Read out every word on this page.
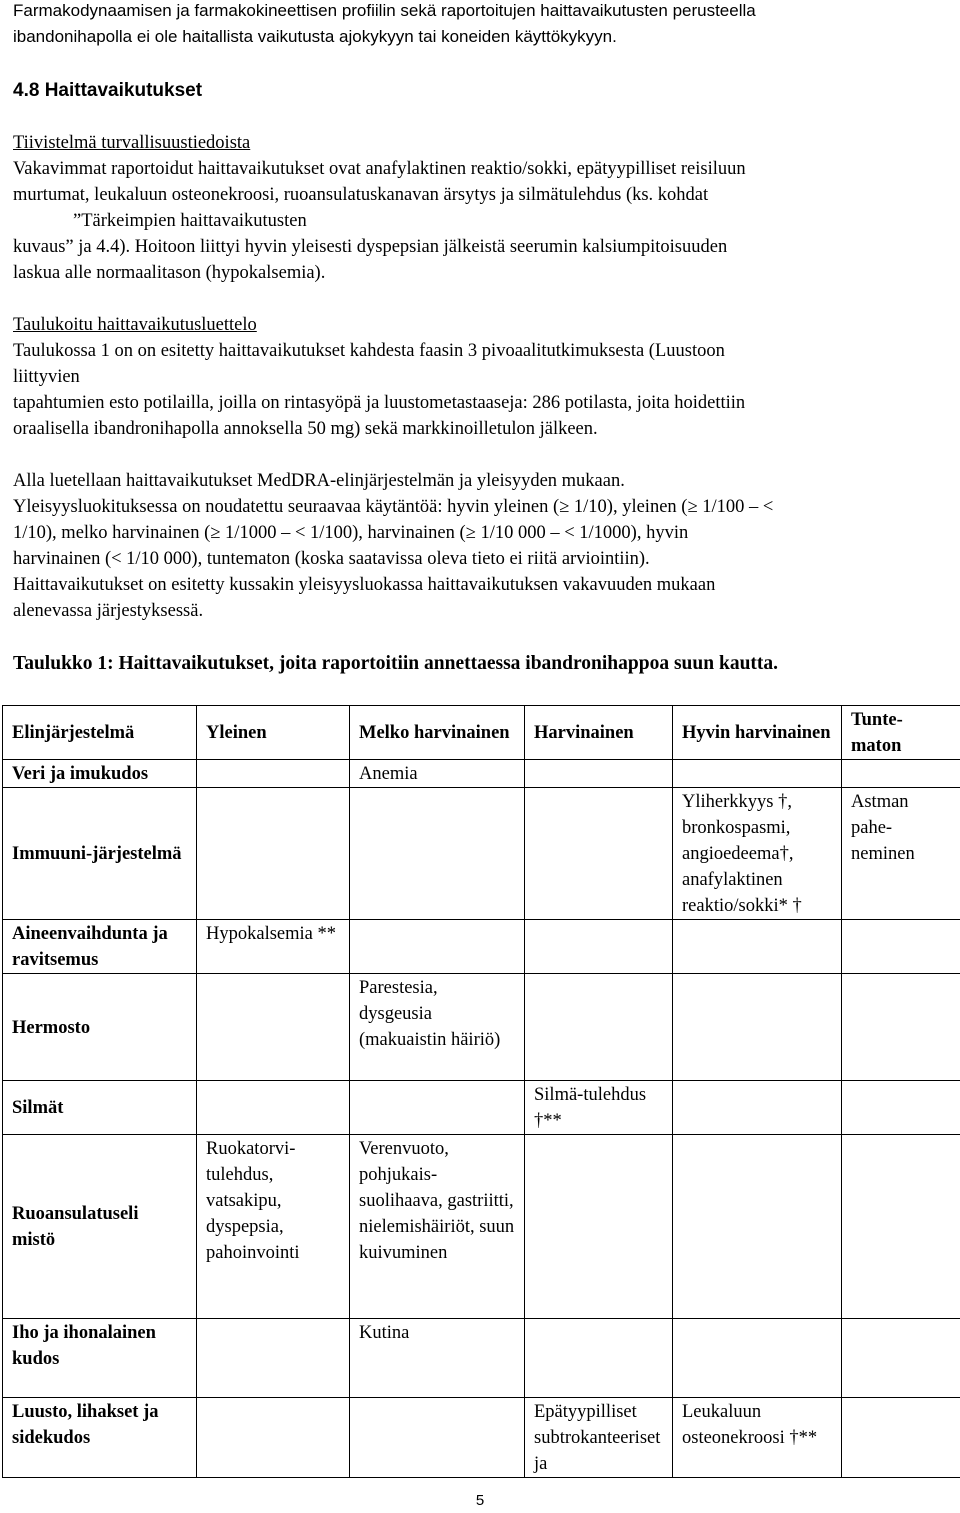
Farmakodynaamisen ja farmakokineettisen profiilin sekä raportoitujen haittavaikutusten perusteella
ibandonihapolla ei ole haitallista vaikutusta ajokykyyn tai koneiden käyttökykyyn.
4.8 Haittavaikutukset
Tiivistelmä turvallisuustiedoista
Vakavimmat raportoidut haittavaikutukset ovat anafylaktinen reaktio/sokki, epätyypilliset reisiluun
murtumat, leukaluun osteonekroosi, ruoansulatuskanavan ärsytys ja silmätulehdus (ks. kohdat
”Tärkeimpien haittavaikutusten
kuvaus” ja 4.4). Hoitoon liittyi hyvin yleisesti dyspepsian jälkeistä seerumin kalsiumpitoisuuden
laskua alle normaalitason (hypokalsemia).
Taulukoitu haittavaikutusluettelo
Taulukossa 1 on on esitetty haittavaikutukset kahdesta faasin 3 pivoaalitutkimuksesta (Luustoon
liittyvien
tapahtumien esto potilailla, joilla on rintasyöpä ja luustometastaaseja: 286 potilasta, joita hoidettiin
oraalisella ibandronihapolla annoksella 50 mg) sekä markkinoilletulon jälkeen.
Alla luetellaan haittavaikutukset MedDRA-elinjärjestelmän ja yleisyyden mukaan.
Yleisyysluokituksessa on noudatettu seuraavaa käytäntöä: hyvin yleinen (≥ 1/10), yleinen (≥ 1/100 – <
1/10), melko harvinainen (≥ 1/1000 – < 1/100), harvinainen (≥ 1/10 000 – < 1/1000), hyvin
harvinainen (< 1/10 000), tuntematon (koska saatavissa oleva tieto ei riitä arviointiin).
Haittavaikutukset on esitetty kussakin yleisyysluokassa haittavaikutuksen vakavuuden mukaan
alenevassa järjestyksessä.
Taulukko 1: Haittavaikutukset, joita raportoitiin annettaessa ibandronihappoa suun kautta.
Elinjärjestelmä	Yleinen	Melko harvinainen	Harvinainen	Hyvin harvinainen	Tunte-maton
Veri ja imukudos		Anemia			
Immuuni-järjestelmä				Yliherkkyys †, bronkospasmi, angioedeema†, anafylaktinen reaktio/sokki* †	Astman pahe-neminen
Aineenvaihdunta ja ravitsemus	Hypokalsemia **				
Hermosto		Parestesia, dysgeusia (makuaistin häiriö)			
Silmät			Silmä-tulehdus †**		
Ruoansulatuseli
mistö	Ruokatorvi-tulehdus, vatsakipu, dyspepsia, pahoinvointi	Verenvuoto, pohjukais-suolihaava, gastriitti, nielemishäiriöt, suun kuivuminen			
Iho ja ihonalainen kudos		Kutina			
Luusto, lihakset ja sidekudos			Epätyypilliset subtrokanteeriset ja	Leukaluun osteonekroosi †**	
5
